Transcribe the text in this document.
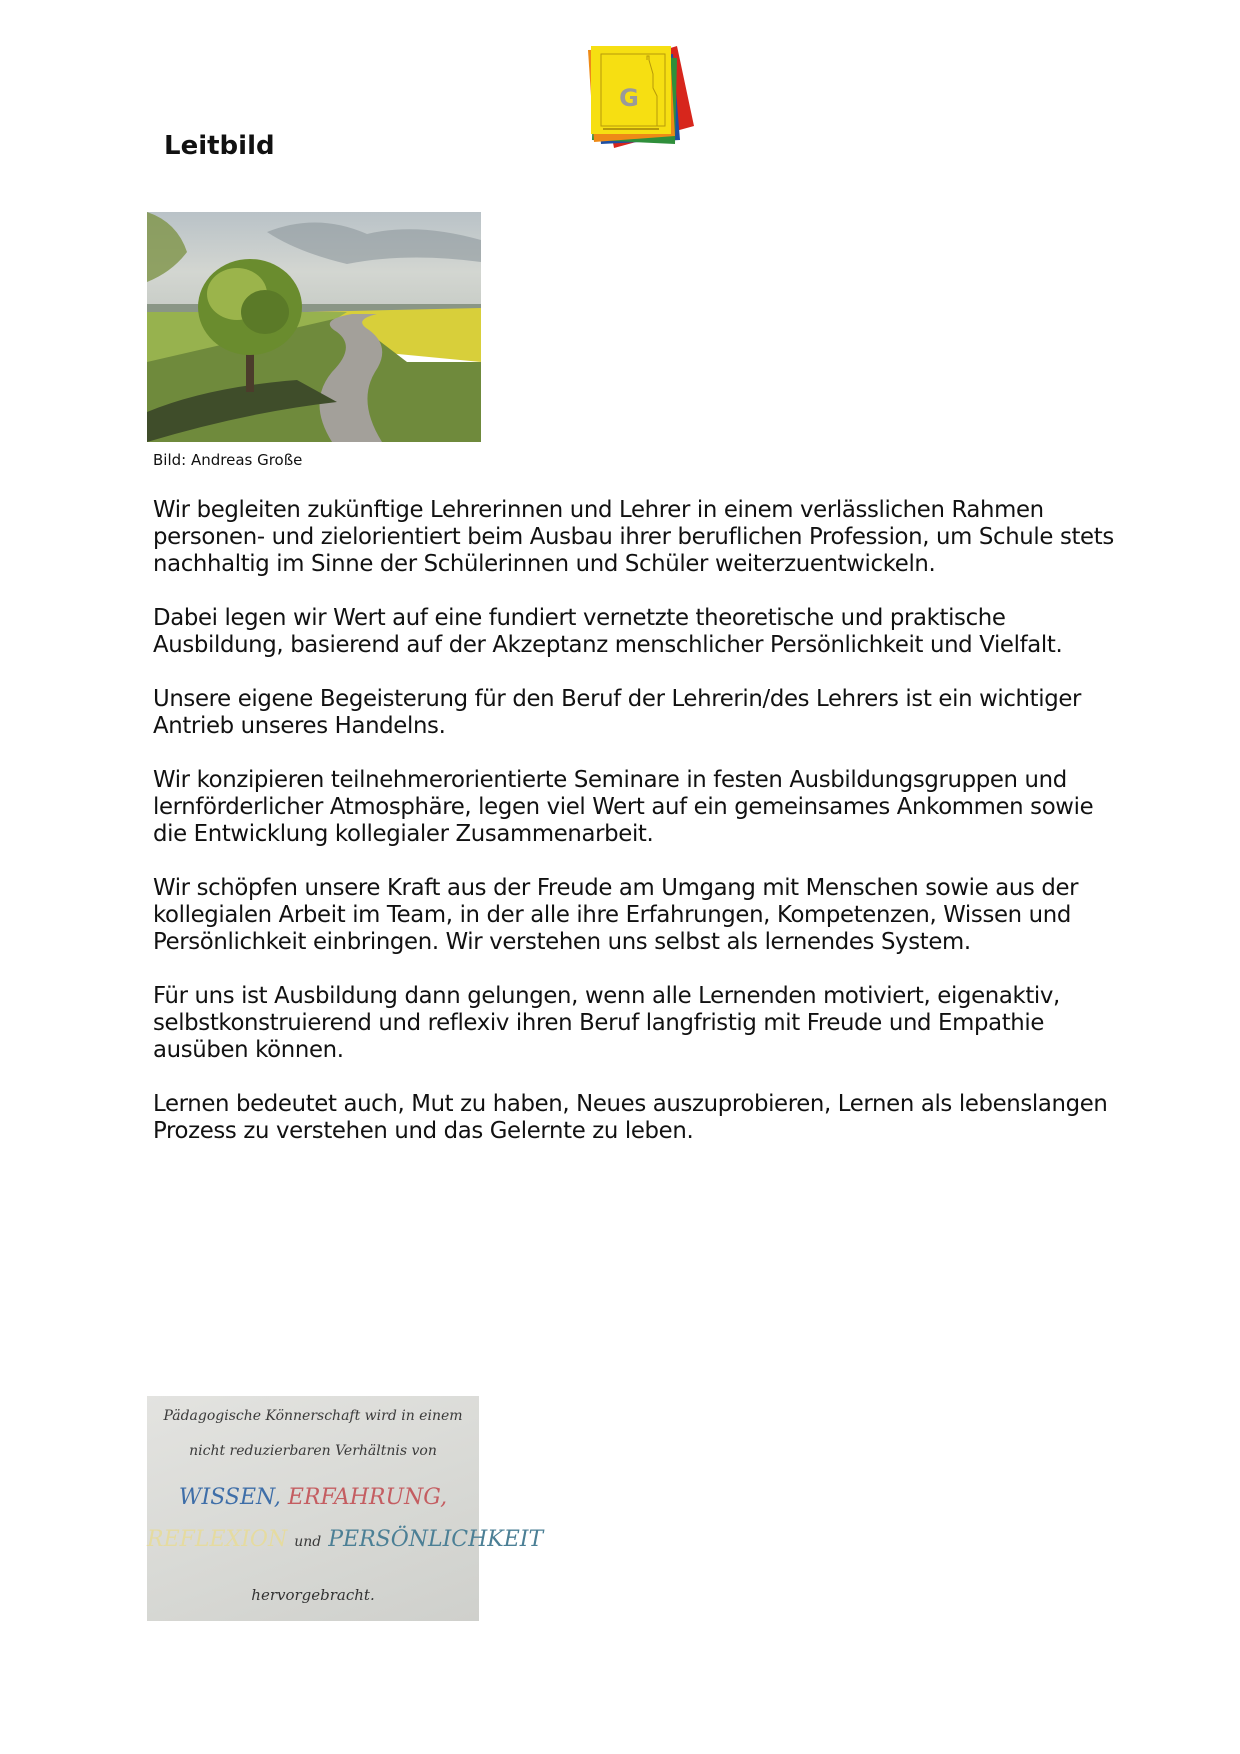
G
Leitbild
Bild: Andreas Große

Wir begleiten zukünftige Lehrerinnen und Lehrer in einem verlässlichen Rahmen personen- und zielorientiert beim Ausbau ihrer beruflichen Profession, um Schule stets nachhaltig im Sinne der Schülerinnen und Schüler weiterzuentwickeln.

Dabei legen wir Wert auf eine fundiert vernetzte theoretische und praktische Ausbildung, basierend auf der Akzeptanz menschlicher Persönlichkeit und Vielfalt.

Unsere eigene Begeisterung für den Beruf der Lehrerin/des Lehrers ist ein wichtiger Antrieb unseres Handelns.

Wir konzipieren teilnehmerorientierte Seminare in festen Ausbildungsgruppen und lernförderlicher Atmosphäre, legen viel Wert auf ein gemeinsames Ankommen sowie die Entwicklung kollegialer Zusammenarbeit.

Wir schöpfen unsere Kraft aus der Freude am Umgang mit Menschen sowie aus der kollegialen Arbeit im Team, in der alle ihre Erfahrungen, Kompetenzen, Wissen und Persönlichkeit einbringen. Wir verstehen uns selbst als lernendes System.

Für uns ist Ausbildung dann gelungen, wenn alle Lernenden motiviert, eigenaktiv, selbstkonstruierend und reflexiv ihren Beruf langfristig mit Freude und Empathie ausüben können.

Lernen bedeutet auch, Mut zu haben, Neues auszuprobieren, Lernen als lebenslangen Prozess zu verstehen und das Gelernte zu leben.

Pädagogische Könnerschaft wird in einem
nicht reduzierbaren Verhältnis von
WISSEN, ERFAHRUNG,
REFLEXION und PERSÖNLICHKEIT
hervorgebracht.
